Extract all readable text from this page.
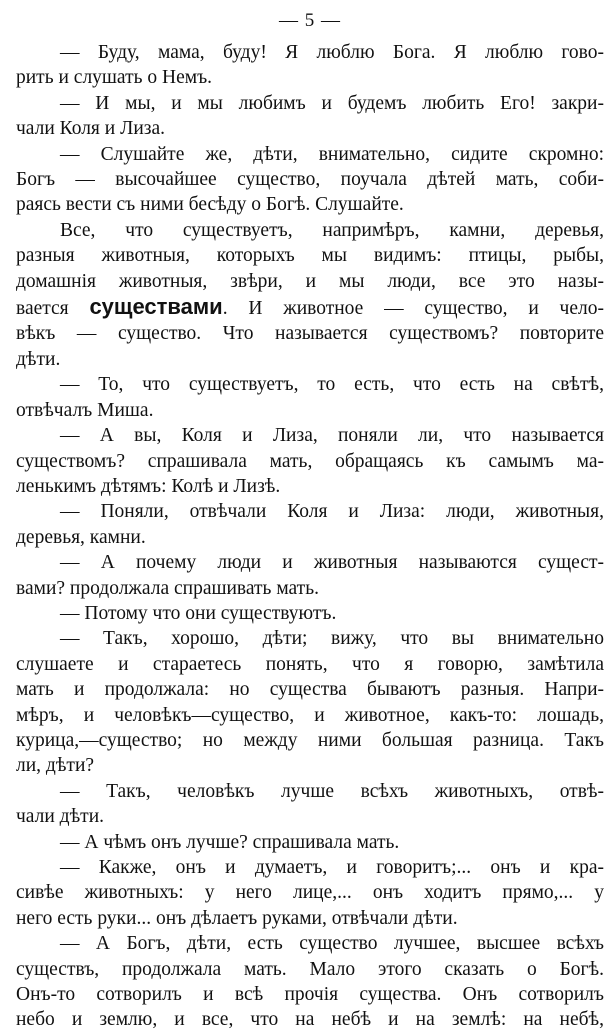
— 5 —
— Буду, мама, буду! Я люблю Бога. Я люблю гово-
рить и слушать о Немъ.
— И мы, и мы любимъ и будемъ любить Его! закри-
чали Коля и Лиза.
— Слушайте же, дѣти, внимательно, сидите скромно:
Богъ — высочайшее существо, поучала дѣтей мать, соби-
раясь вести съ ними бесѣду о Богѣ. Слушайте.
Все, что существуетъ, напримѣръ, камни, деревья,
разныя животныя, которыхъ мы видимъ: птицы, рыбы,
домашнія животныя, звѣри, и мы люди, все это назы-
вается существами. И животное — существо, и чело-
вѣкъ — существо. Что называется существомъ? повторите
дѣти.
— То, что существуетъ, то есть, что есть на свѣтѣ,
отвѣчалъ Миша.
— А вы, Коля и Лиза, поняли ли, что называется
существомъ? спрашивала мать, обращаясь къ самымъ ма-
ленькимъ дѣтямъ: Колѣ и Лизѣ.
— Поняли, отвѣчали Коля и Лиза: люди, животныя,
деревья, камни.
— А почему люди и животныя называются сущест-
вами? продолжала спрашивать мать.
— Потому что они существуютъ.
— Такъ, хорошо, дѣти; вижу, что вы внимательно
слушаете и стараетесь понять, что я говорю, замѣтила
мать и продолжала: но существа бываютъ разныя. Напри-
мѣръ, и человѣкъ—существо, и животное, какъ-то: лошадь,
курица,—существо; но между ними большая разница. Такъ
ли, дѣти?
— Такъ, человѣкъ лучше всѣхъ животныхъ, отвѣ-
чали дѣти.
— А чѣмъ онъ лучше? спрашивала мать.
— Какже, онъ и думаетъ, и говоритъ;... онъ и кра-
сивѣе животныхъ: у него лице,... онъ ходитъ прямо,... у
него есть руки... онъ дѣлаетъ руками, отвѣчали дѣти.
— А Богъ, дѣти, есть существо лучшее, высшее всѣхъ
существъ, продолжала мать. Мало этого сказать о Богѣ.
Онъ-то сотворилъ и всѣ прочія существа. Онъ сотворилъ
небо и землю, и все, что на небѣ и на землѣ: на небѣ,
